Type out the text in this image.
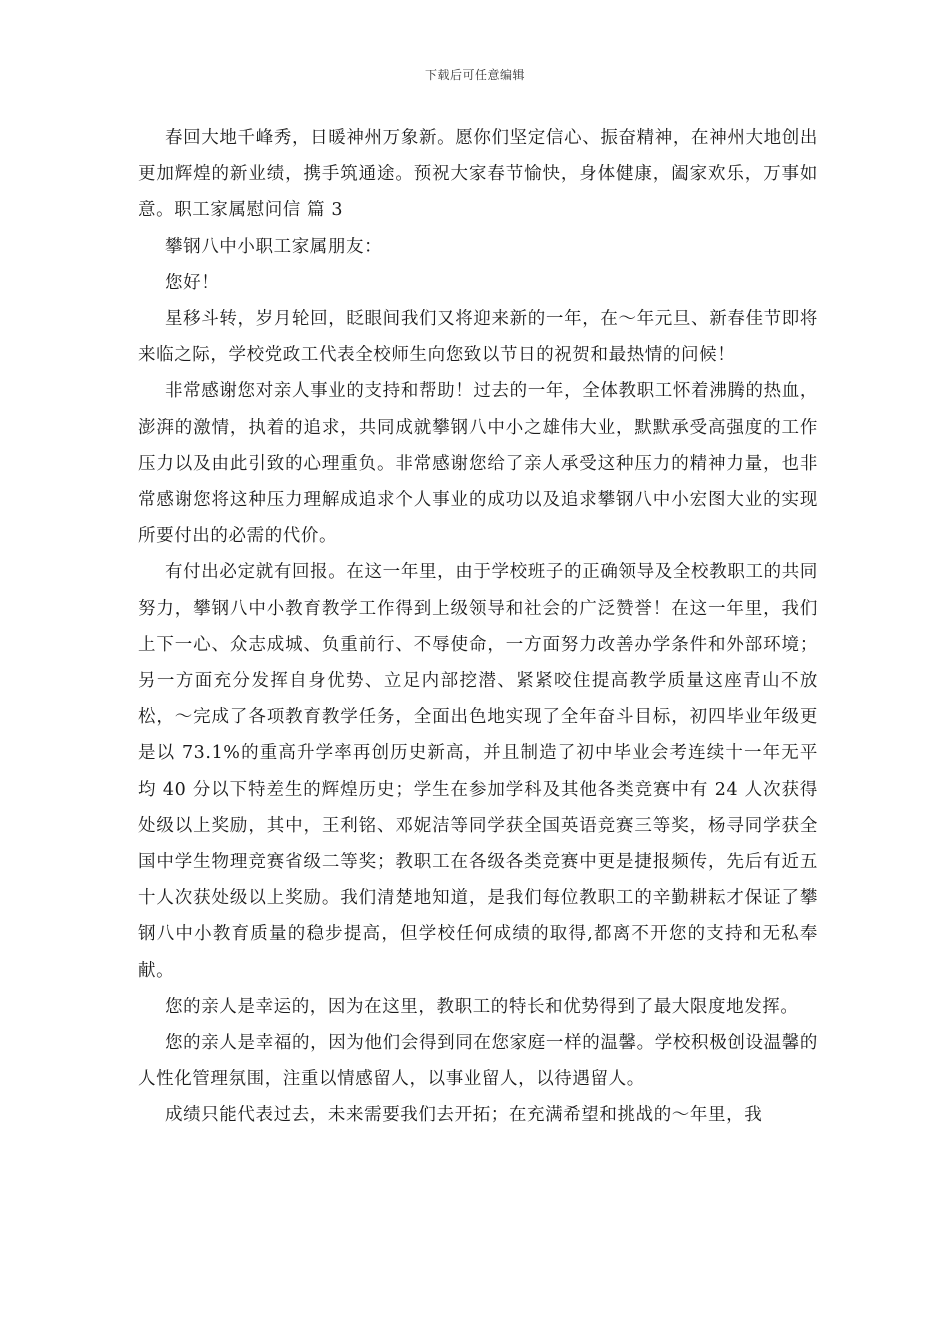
下载后可任意编辑

春回大地千峰秀，日暖神州万象新。愿你们坚定信心、振奋精神，在神州大地创出更加辉煌的新业绩，携手筑通途。预祝大家春节愉快，身体健康，阖家欢乐，万事如意。职工家属慰问信 篇 3

攀钢八中小职工家属朋友：

您好！

星移斗转，岁月轮回，眨眼间我们又将迎来新的一年，在～年元旦、新春佳节即将来临之际，学校党政工代表全校师生向您致以节日的祝贺和最热情的问候！

非常感谢您对亲人事业的支持和帮助！过去的一年，全体教职工怀着沸腾的热血，澎湃的激情，执着的追求，共同成就攀钢八中小之雄伟大业，默默承受高强度的工作压力以及由此引致的心理重负。非常感谢您给了亲人承受这种压力的精神力量，也非常感谢您将这种压力理解成追求个人事业的成功以及追求攀钢八中小宏图大业的实现所要付出的必需的代价。

有付出必定就有回报。在这一年里，由于学校班子的正确领导及全校教职工的共同努力，攀钢八中小教育教学工作得到上级领导和社会的广泛赞誉！在这一年里，我们上下一心、众志成城、负重前行、不辱使命，一方面努力改善办学条件和外部环境；另一方面充分发挥自身优势、立足内部挖潜、紧紧咬住提高教学质量这座青山不放松，～完成了各项教育教学任务，全面出色地实现了全年奋斗目标，初四毕业年级更是以 73.1%的重高升学率再创历史新高，并且制造了初中毕业会考连续十一年无平均 40 分以下特差生的辉煌历史；学生在参加学科及其他各类竞赛中有 24 人次获得处级以上奖励，其中，王利铭、邓妮洁等同学获全国英语竞赛三等奖，杨寻同学获全国中学生物理竞赛省级二等奖；教职工在各级各类竞赛中更是捷报频传，先后有近五十人次获处级以上奖励。我们清楚地知道，是我们每位教职工的辛勤耕耘才保证了攀钢八中小教育质量的稳步提高，但学校任何成绩的取得,都离不开您的支持和无私奉献。

您的亲人是幸运的，因为在这里，教职工的特长和优势得到了最大限度地发挥。

您的亲人是幸福的，因为他们会得到同在您家庭一样的温馨。学校积极创设温馨的人性化管理氛围，注重以情感留人，以事业留人，以待遇留人。

成绩只能代表过去，未来需要我们去开拓；在充满希望和挑战的～年里，我
